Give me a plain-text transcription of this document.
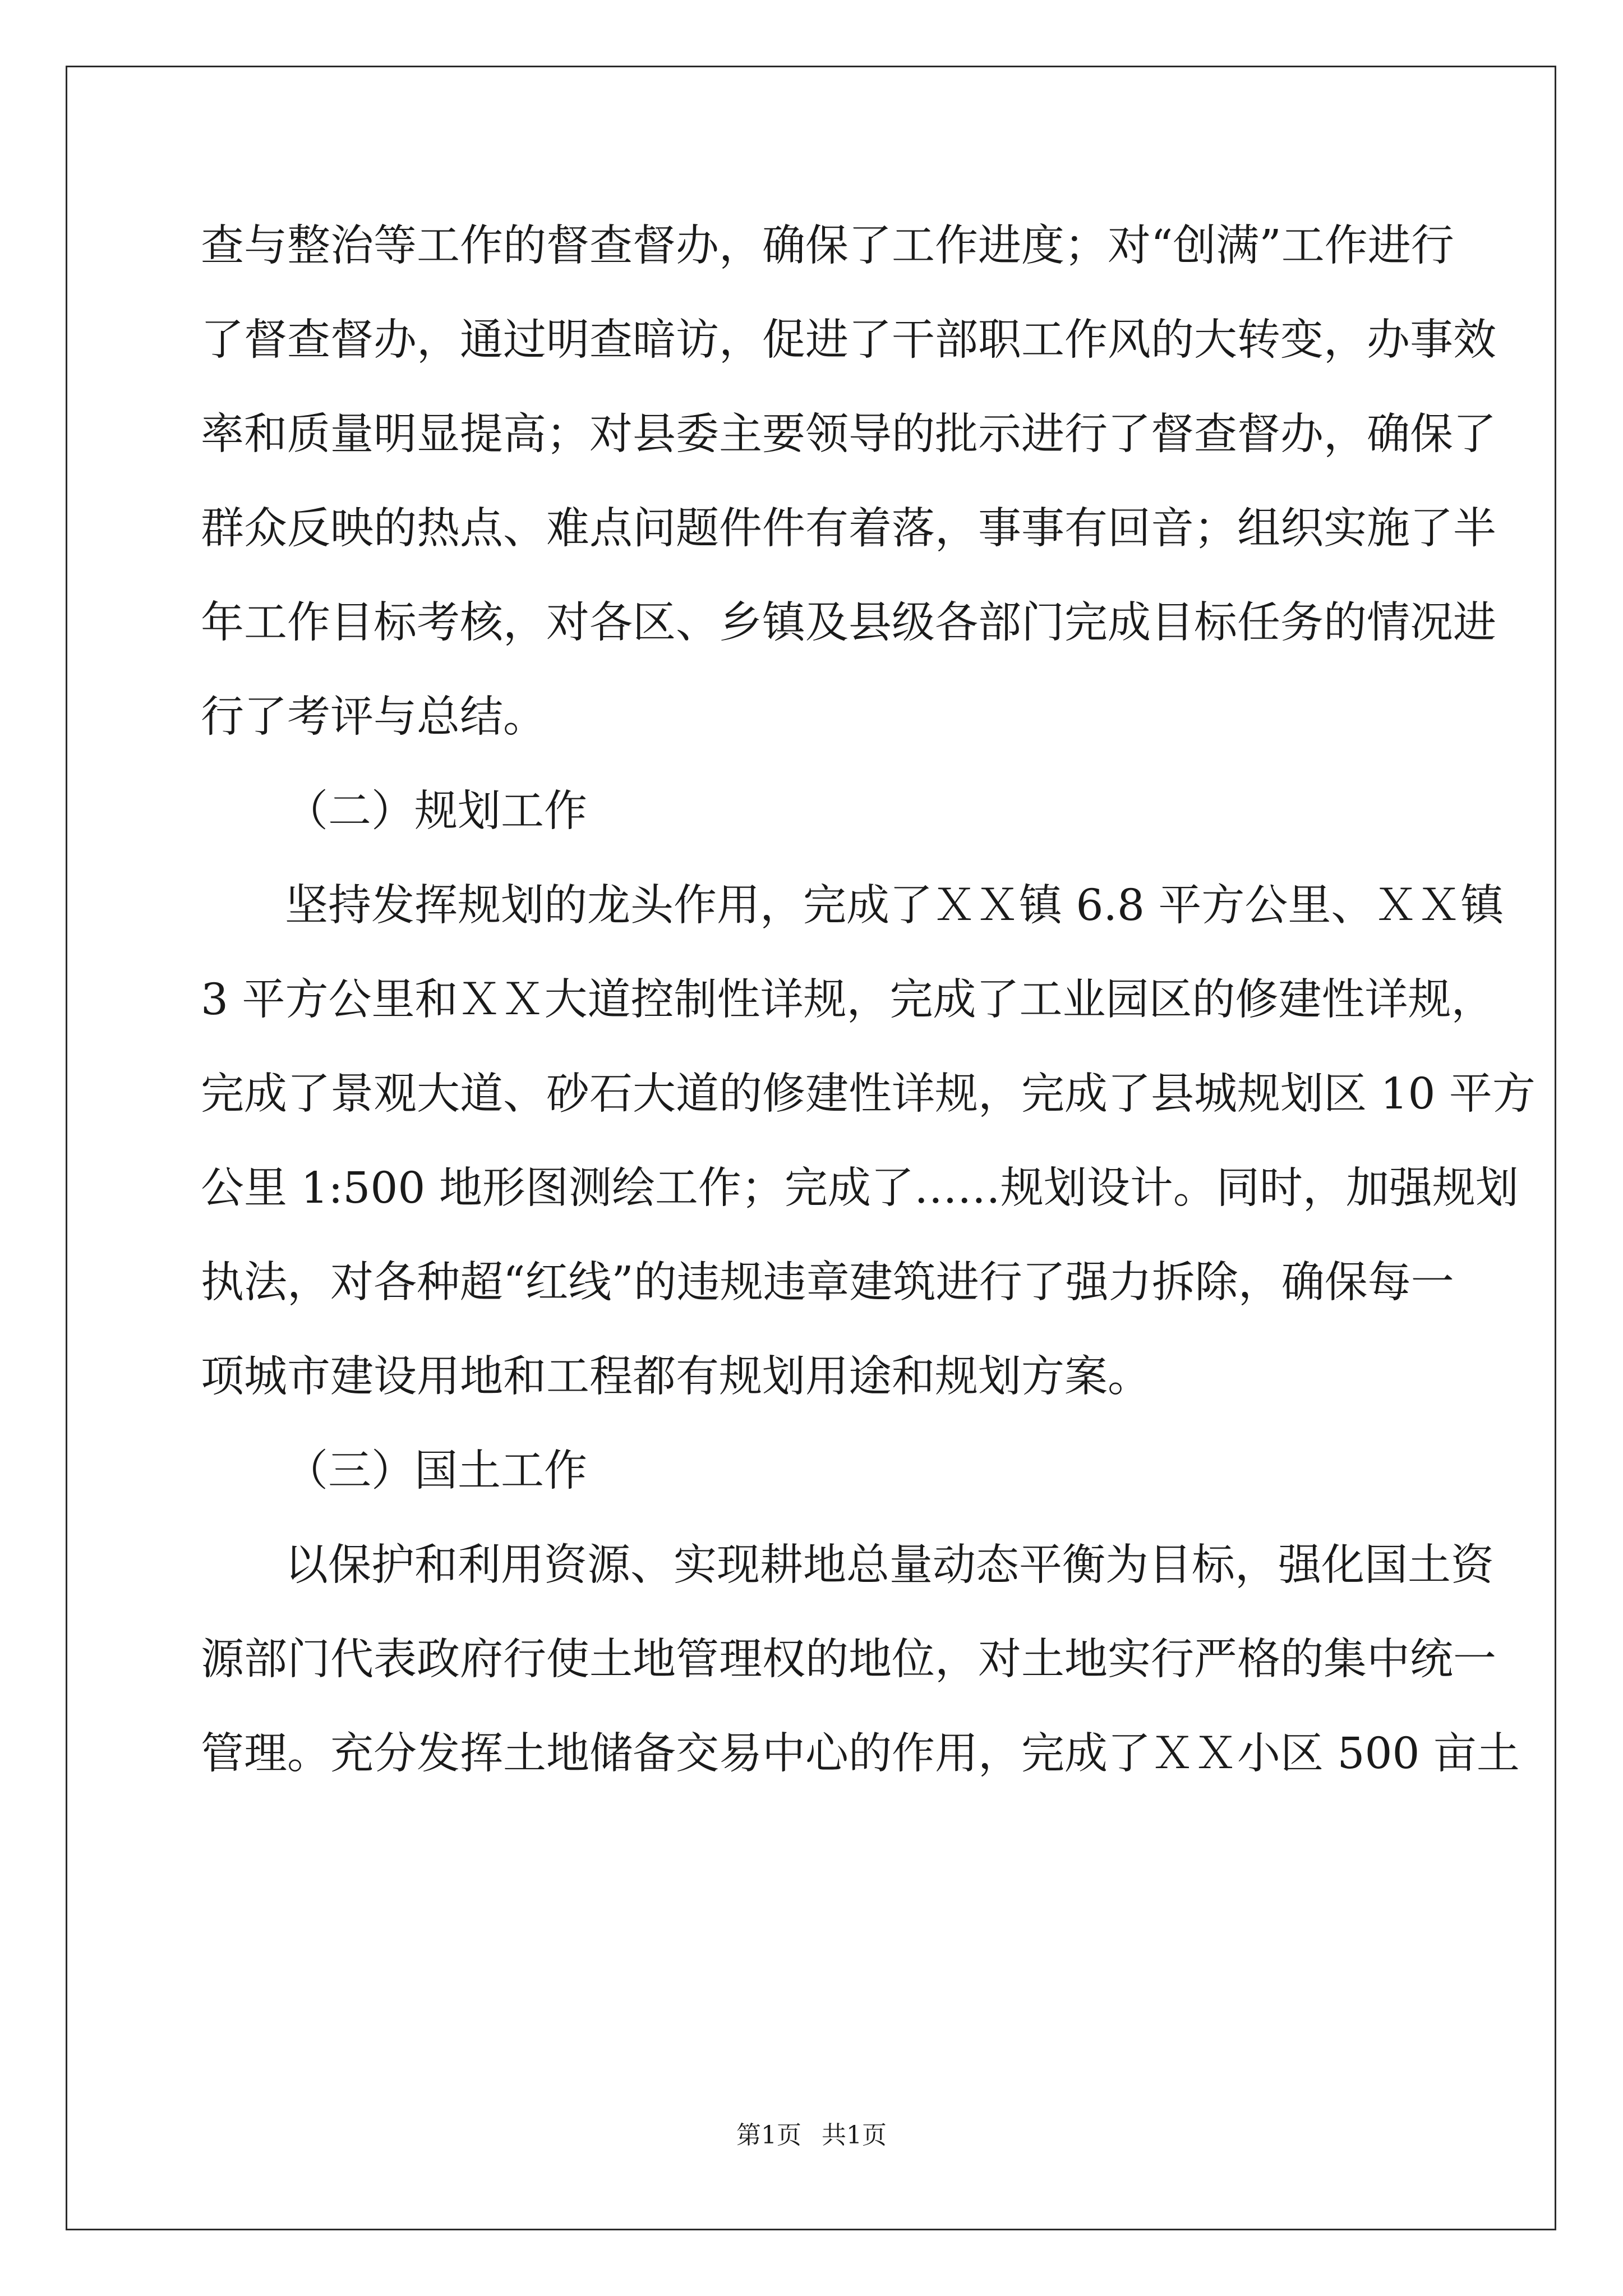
查与整治等工作的督查督办，确保了工作进度；对“创满”工作进行
了督查督办，通过明查暗访，促进了干部职工作风的大转变，办事效
率和质量明显提高；对县委主要领导的批示进行了督查督办，确保了
群众反映的热点、难点问题件件有着落，事事有回音；组织实施了半
年工作目标考核，对各区、乡镇及县级各部门完成目标任务的情况进
行了考评与总结。
（二）规划工作
坚持发挥规划的龙头作用，完成了ＸＸ镇 6.8 平方公里、ＸＸ镇
3 平方公里和ＸＸ大道控制性详规，完成了工业园区的修建性详规，
完成了景观大道、砂石大道的修建性详规，完成了县城规划区 10 平方
公里 1:500 地形图测绘工作；完成了……规划设计。同时，加强规划
执法，对各种超“红线”的违规违章建筑进行了强力拆除，确保每一
项城市建设用地和工程都有规划用途和规划方案。
（三）国土工作
以保护和利用资源、实现耕地总量动态平衡为目标，强化国土资
源部门代表政府行使土地管理权的地位，对土地实行严格的集中统一
管理。充分发挥土地储备交易中心的作用，完成了ＸＸ小区 500 亩土
第1页 共1页
